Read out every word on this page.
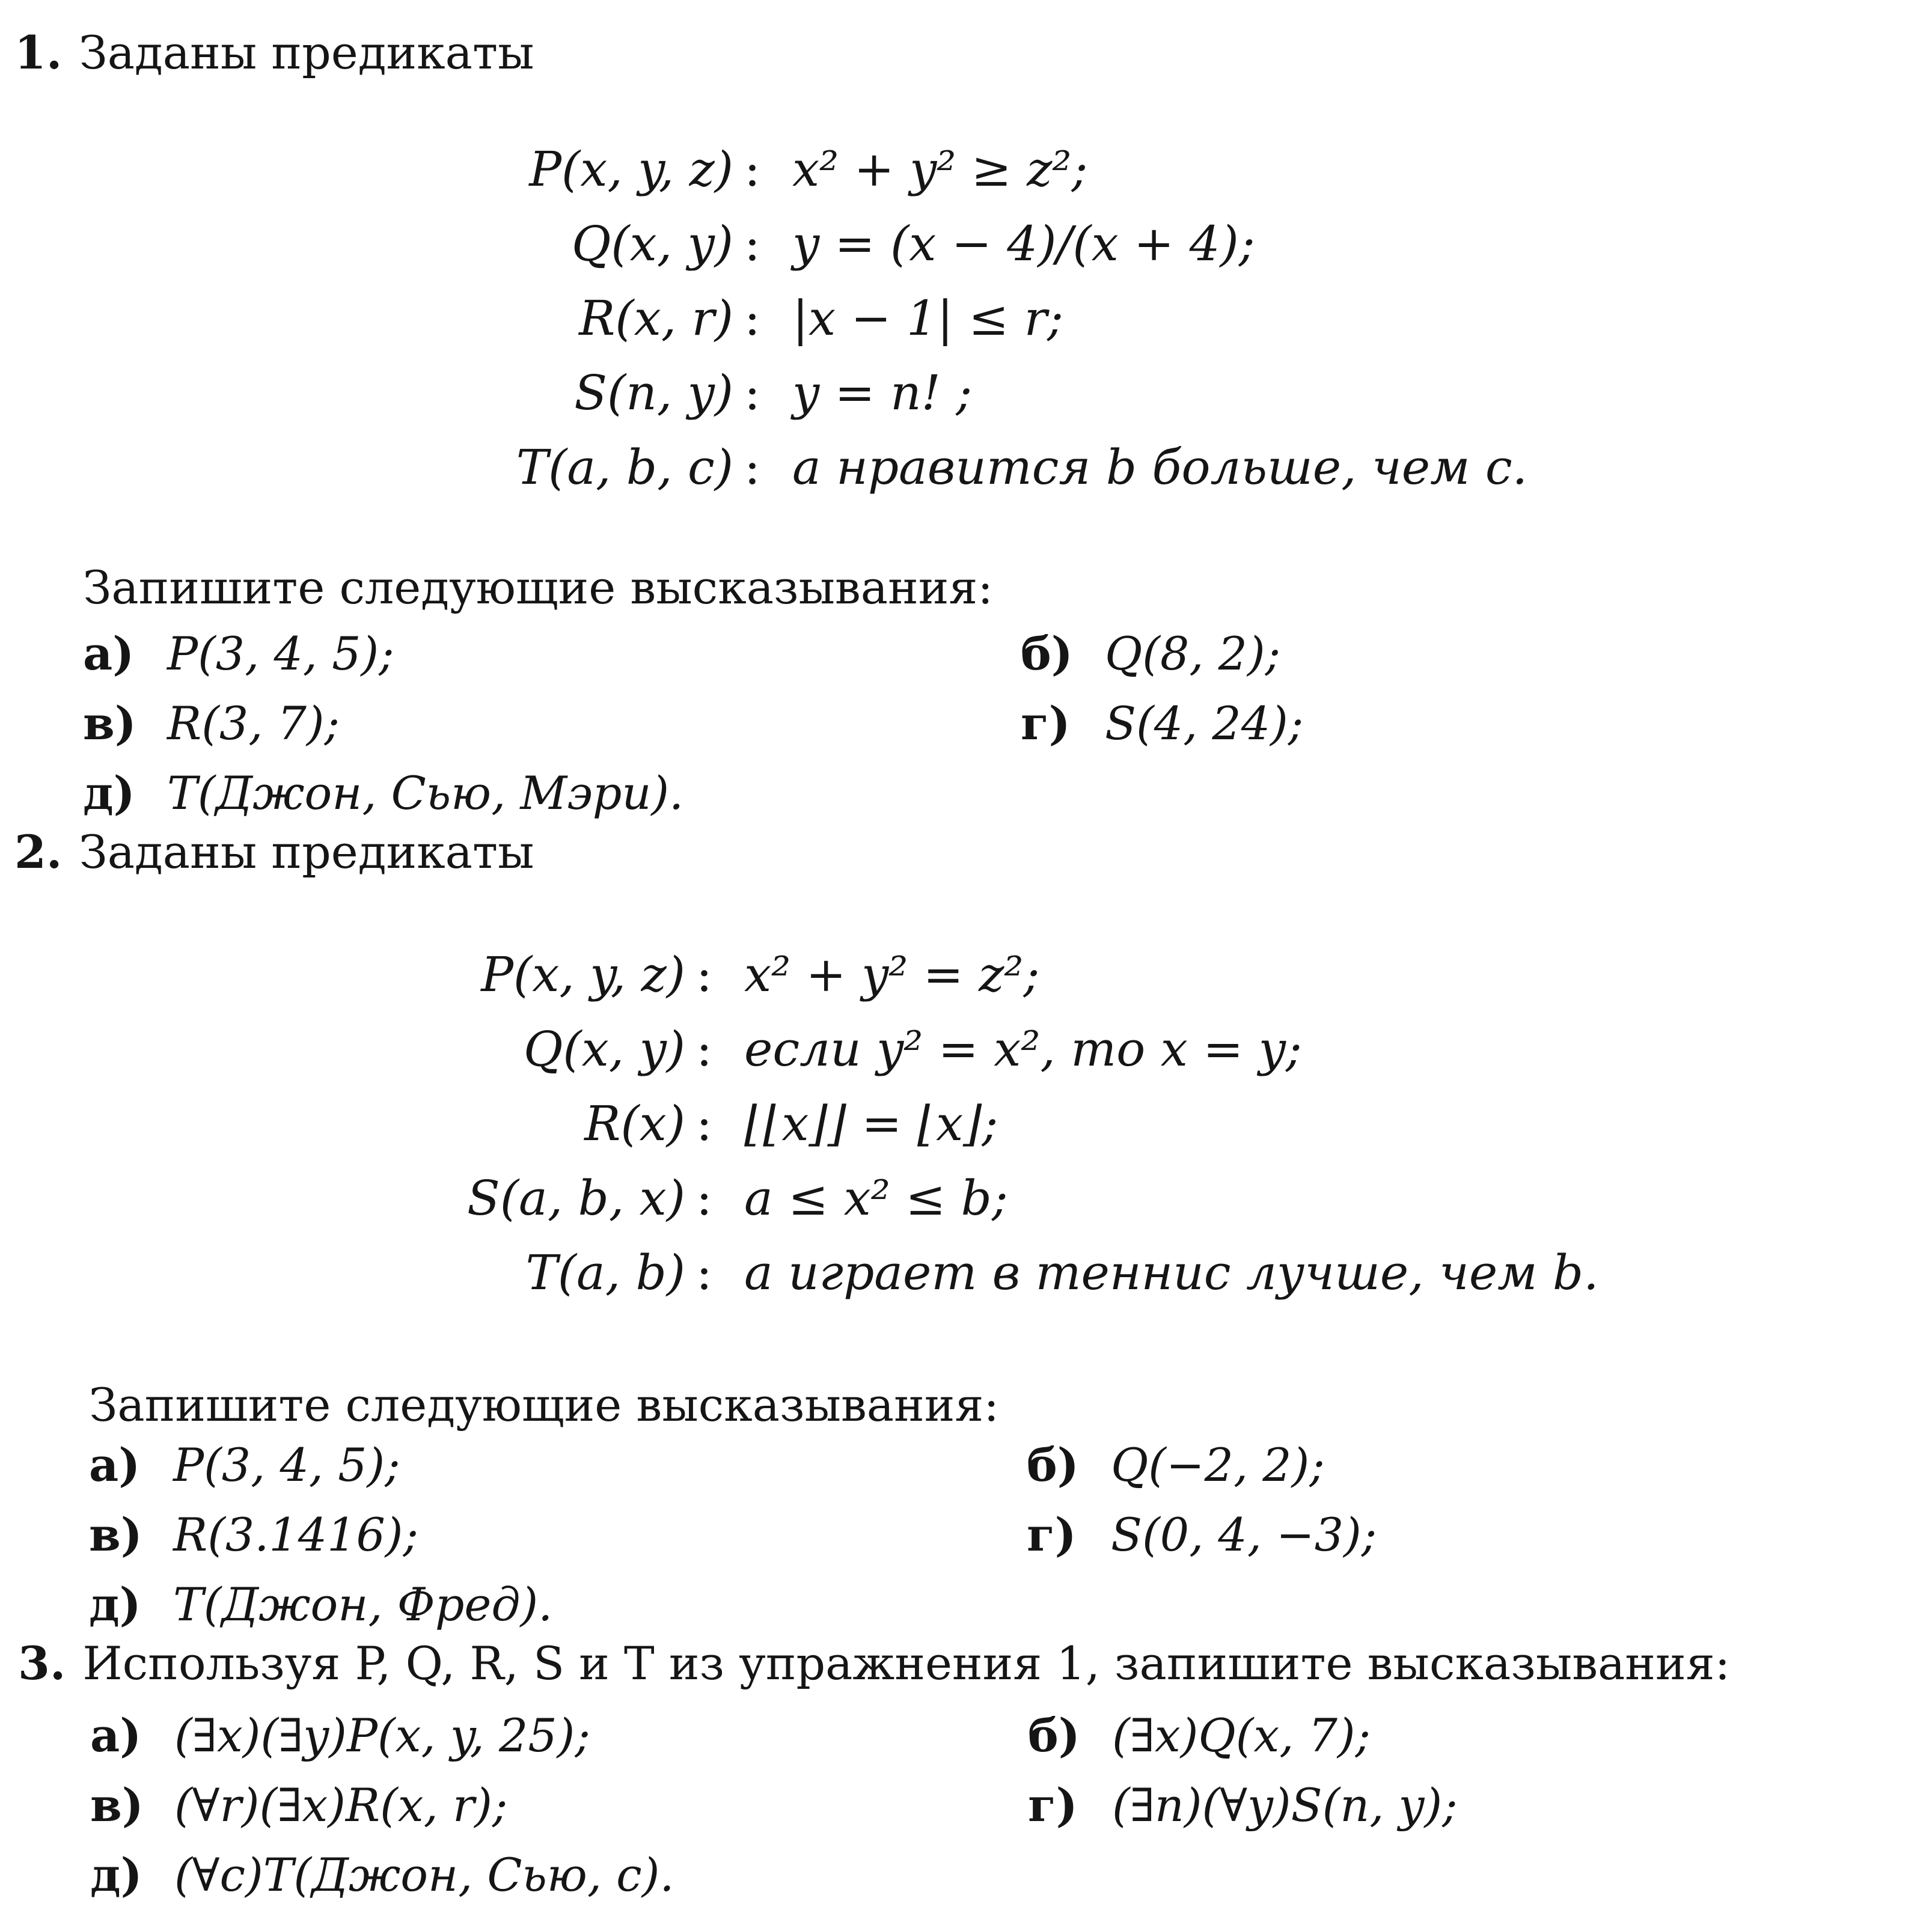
1. Заданы предикаты
P(x, y, z) : x² + y² ≥ z²;
Q(x, y) : y = (x − 4)/(x + 4);
R(x, r) : |x − 1| ≤ r;
S(n, y) : y = n! ;
T(a, b, c) : a нравится b больше, чем c.
Запишите следующие высказывания:
а) P(3, 4, 5);	б) Q(8, 2);
в) R(3, 7);	г) S(4, 24);
д) T(Джон, Сью, Мэри).
2. Заданы предикаты
P(x, y, z) : x² + y² = z²;
Q(x, y) : если y² = x², то x = y;
R(x) : ⌊⌊x⌋⌋ = ⌊x⌋;
S(a, b, x) : a ≤ x² ≤ b;
T(a, b) : a играет в теннис лучше, чем b.
Запишите следующие высказывания:
а) P(3, 4, 5);	б) Q(−2, 2);
в) R(3.1416);	г) S(0, 4, −3);
д) T(Джон, Фред).
3. Используя P, Q, R, S и T из упражнения 1, запишите высказывания:
а) (∃x)(∃y)P(x, y, 25);	б) (∃x)Q(x, 7);
в) (∀r)(∃x)R(x, r);	г) (∃n)(∀y)S(n, y);
д) (∀c)T(Джон, Сью, c).
